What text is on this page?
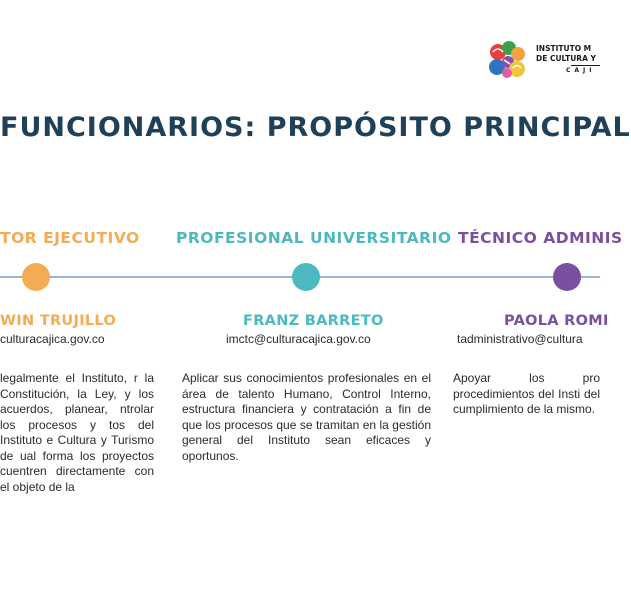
INSTITUTO M
DE CULTURA Y
CAJI
FUNCIONARIOS: PROPÓSITO PRINCIPAL
TOR EJECUTIVO
WIN TRUJILLO
culturacajica.gov.co
legalmente el Instituto, r la Constitución, la Ley, y los acuerdos, planear, ntrolar los procesos y tos del Instituto e Cultura y Turismo de ual forma los proyectos cuentren directamente con el objeto de la
PROFESIONAL UNIVERSITARIO
FRANZ BARRETO
imctc@culturacajica.gov.co
Aplicar sus conocimientos profesionales en el área de talento Humano, Control Interno, estructura financiera y contratación a fin de que los procesos que se tramitan en la gestión general del Instituto sean eficaces y oportunos.
TÉCNICO ADMINIS
PAOLA ROMI
tadministrativo@cultura
Apoyar los pro procedimientos del Insti del cumplimiento de la mismo.
